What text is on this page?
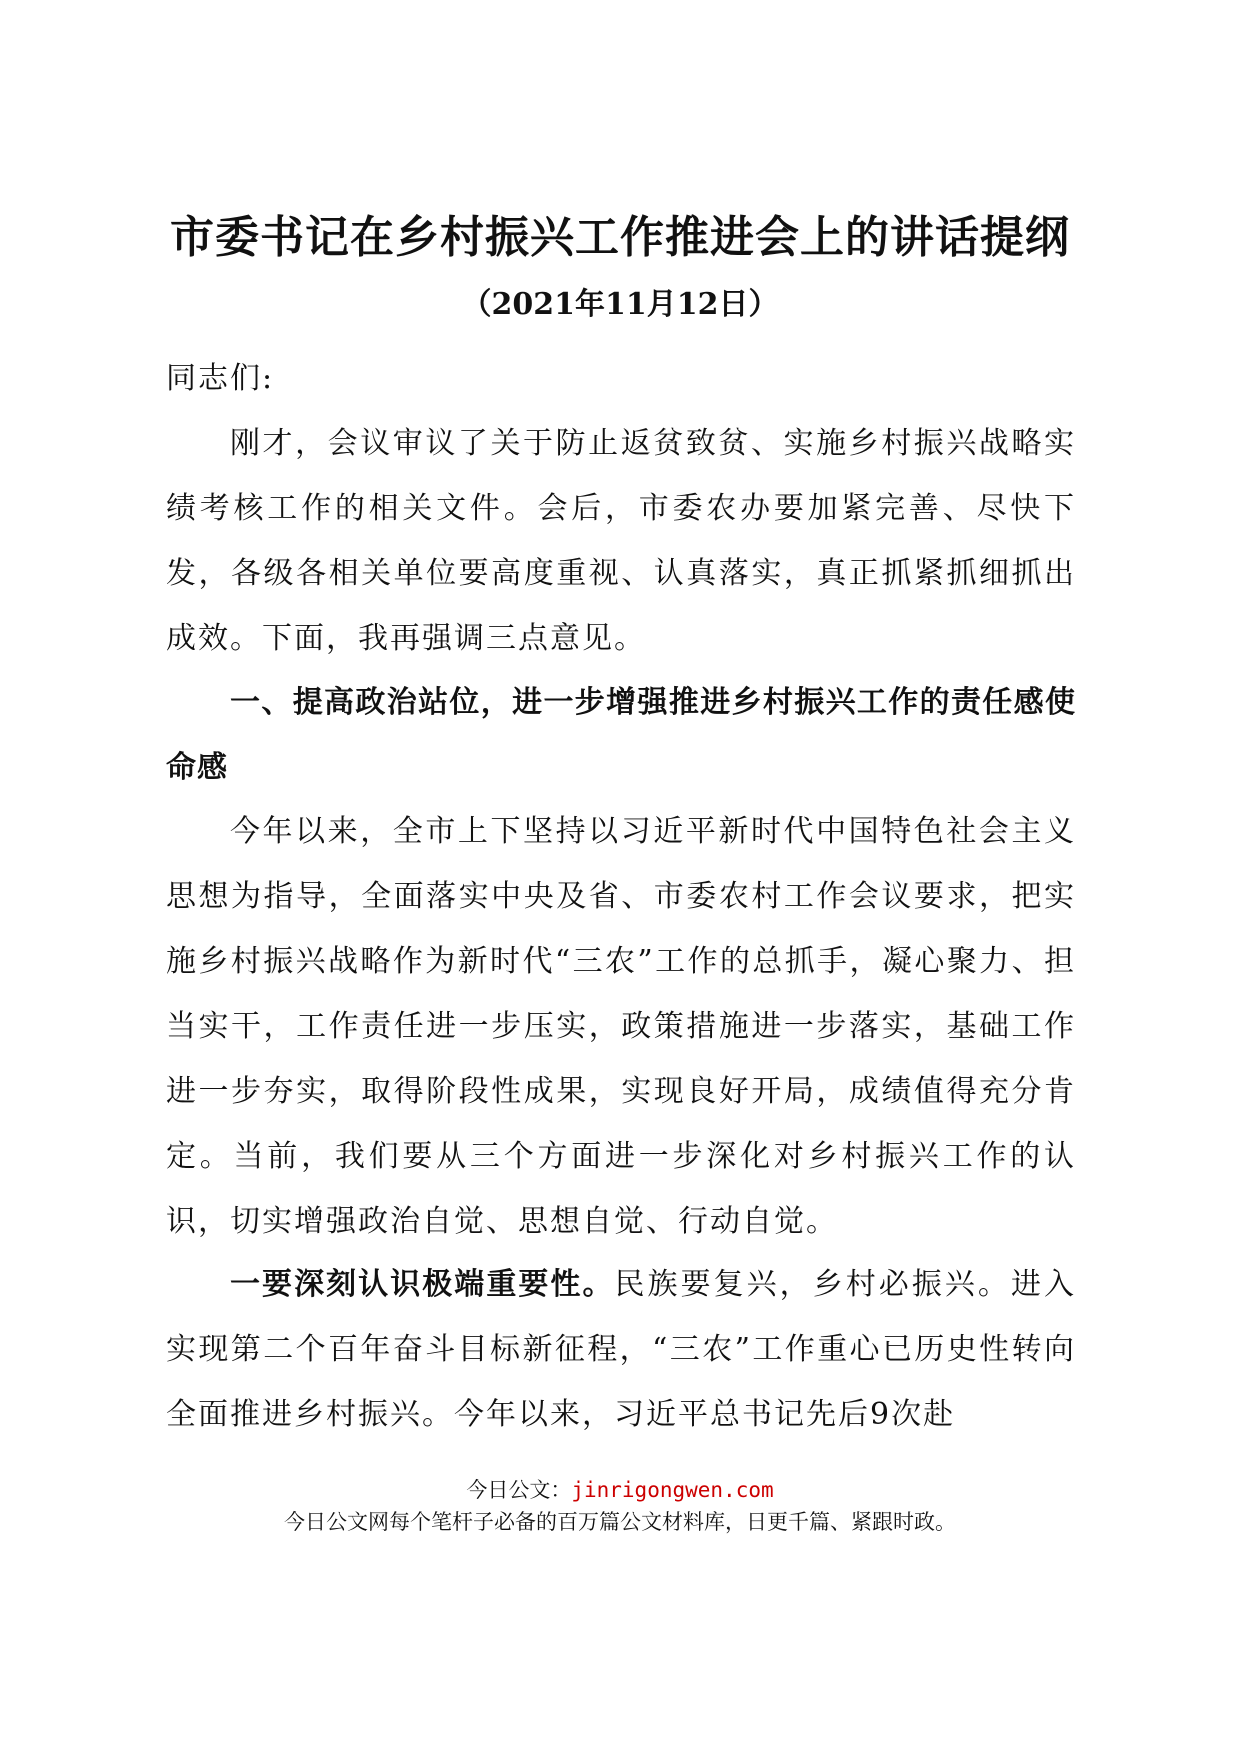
市委书记在乡村振兴工作推进会上的讲话提纲

（2021年11月12日）

同志们:

刚才，会议审议了关于防止返贫致贫、实施乡村振兴战略实绩考核工作的相关文件。会后，市委农办要加紧完善、尽快下发，各级各相关单位要高度重视、认真落实，真正抓紧抓细抓出成效。下面，我再强调三点意见。

一、提高政治站位，进一步增强推进乡村振兴工作的责任感使命感

今年以来，全市上下坚持以习近平新时代中国特色社会主义思想为指导，全面落实中央及省、市委农村工作会议要求，把实施乡村振兴战略作为新时代“三农”工作的总抓手，凝心聚力、担当实干，工作责任进一步压实，政策措施进一步落实，基础工作进一步夯实，取得阶段性成果，实现良好开局，成绩值得充分肯定。当前，我们要从三个方面进一步深化对乡村振兴工作的认识，切实增强政治自觉、思想自觉、行动自觉。

一要深刻认识极端重要性。民族要复兴，乡村必振兴。进入实现第二个百年奋斗目标新征程，“三农”工作重心已历史性转向全面推进乡村振兴。今年以来，习近平总书记先后9次赴

今日公文：jinrigongwen.com

今日公文网每个笔杆子必备的百万篇公文材料库，日更千篇、紧跟时政。
